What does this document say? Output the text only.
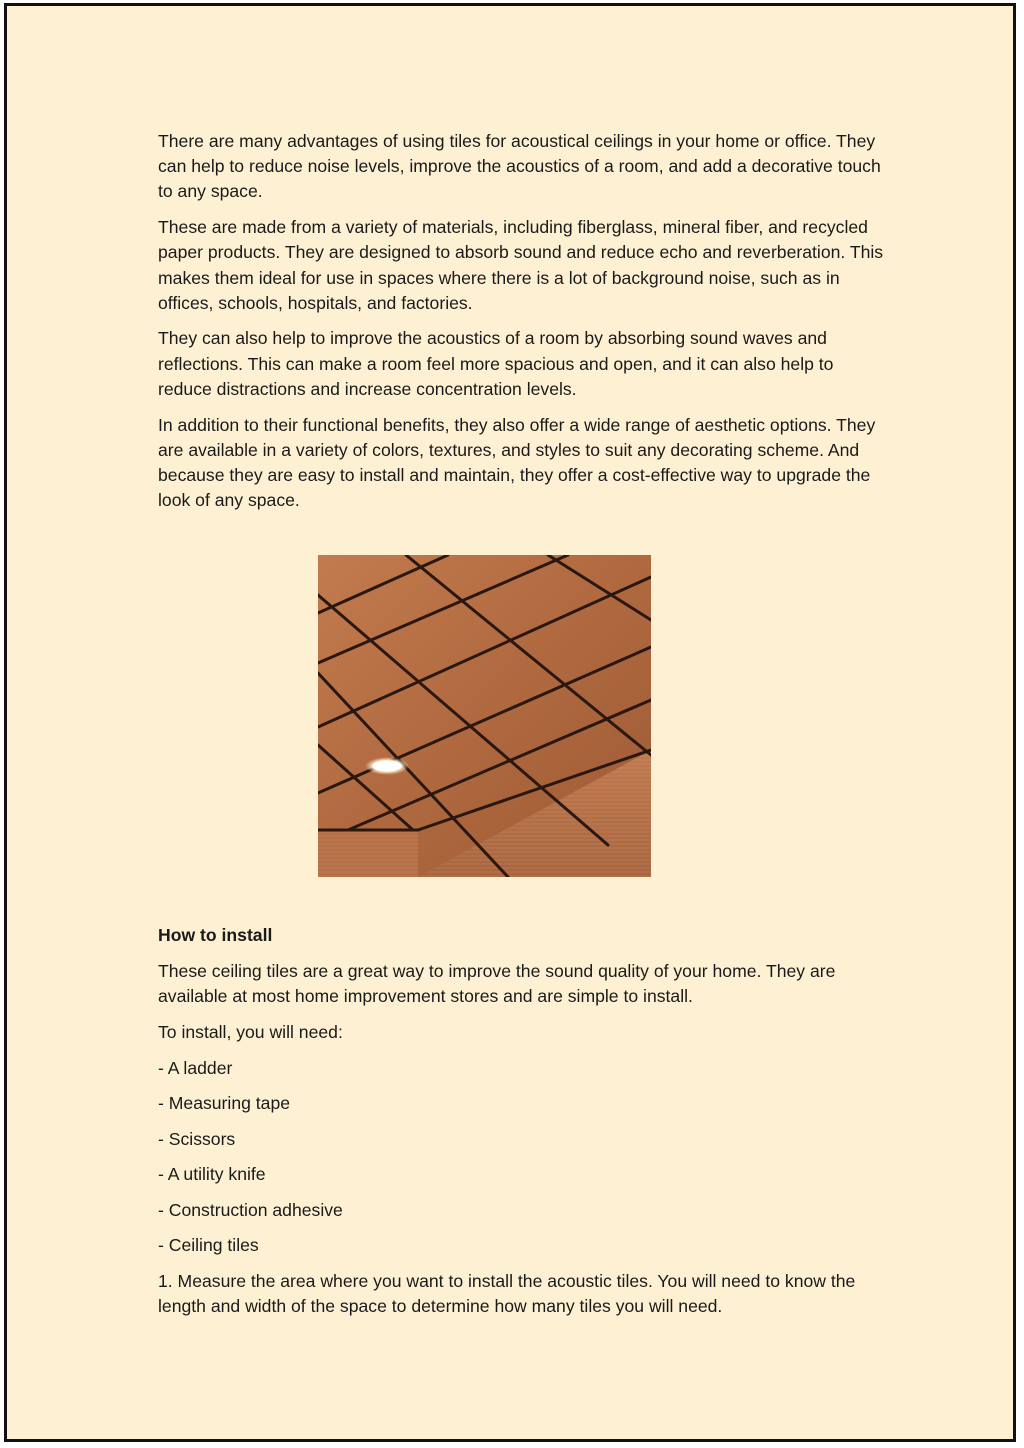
There are many advantages of using tiles for acoustical ceilings in your home or office. They can help to reduce noise levels, improve the acoustics of a room, and add a decorative touch to any space.

These are made from a variety of materials, including fiberglass, mineral fiber, and recycled paper products. They are designed to absorb sound and reduce echo and reverberation. This makes them ideal for use in spaces where there is a lot of background noise, such as in offices, schools, hospitals, and factories.

They can also help to improve the acoustics of a room by absorbing sound waves and reflections. This can make a room feel more spacious and open, and it can also help to reduce distractions and increase concentration levels.

In addition to their functional benefits, they also offer a wide range of aesthetic options. They are available in a variety of colors, textures, and styles to suit any decorating scheme. And because they are easy to install and maintain, they offer a cost-effective way to upgrade the look of any space.

How to install

These ceiling tiles are a great way to improve the sound quality of your home. They are available at most home improvement stores and are simple to install.

To install, you will need:

- A ladder

- Measuring tape

- Scissors

- A utility knife

- Construction adhesive

- Ceiling tiles

1. Measure the area where you want to install the acoustic tiles. You will need to know the length and width of the space to determine how many tiles you will need.
